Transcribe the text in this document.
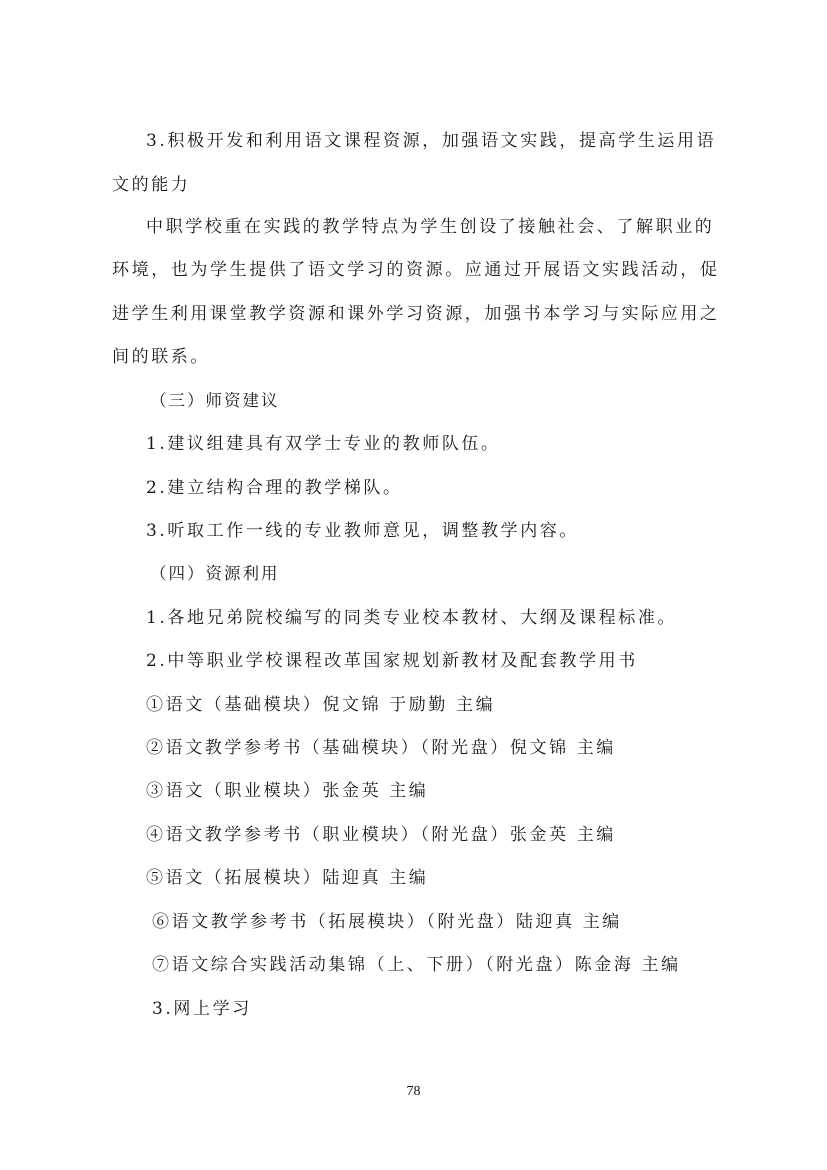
3.积极开发和利用语文课程资源，加强语文实践，提高学生运用语
文的能力
中职学校重在实践的教学特点为学生创设了接触社会、了解职业的
环境，也为学生提供了语文学习的资源。应通过开展语文实践活动，促
进学生利用课堂教学资源和课外学习资源，加强书本学习与实际应用之
间的联系。
（三）师资建议
1.建议组建具有双学士专业的教师队伍。
2.建立结构合理的教学梯队。
3.听取工作一线的专业教师意见，调整教学内容。
（四）资源利用
1.各地兄弟院校编写的同类专业校本教材、大纲及课程标准。
2.中等职业学校课程改革国家规划新教材及配套教学用书
①语文（基础模块）倪文锦 于励勤 主编
②语文教学参考书（基础模块）（附光盘）倪文锦 主编
③语文（职业模块）张金英 主编
④语文教学参考书（职业模块）（附光盘）张金英 主编
⑤语文（拓展模块）陆迎真 主编
⑥语文教学参考书（拓展模块）（附光盘）陆迎真 主编
⑦语文综合实践活动集锦（上、下册）（附光盘）陈金海 主编
3.网上学习
78
